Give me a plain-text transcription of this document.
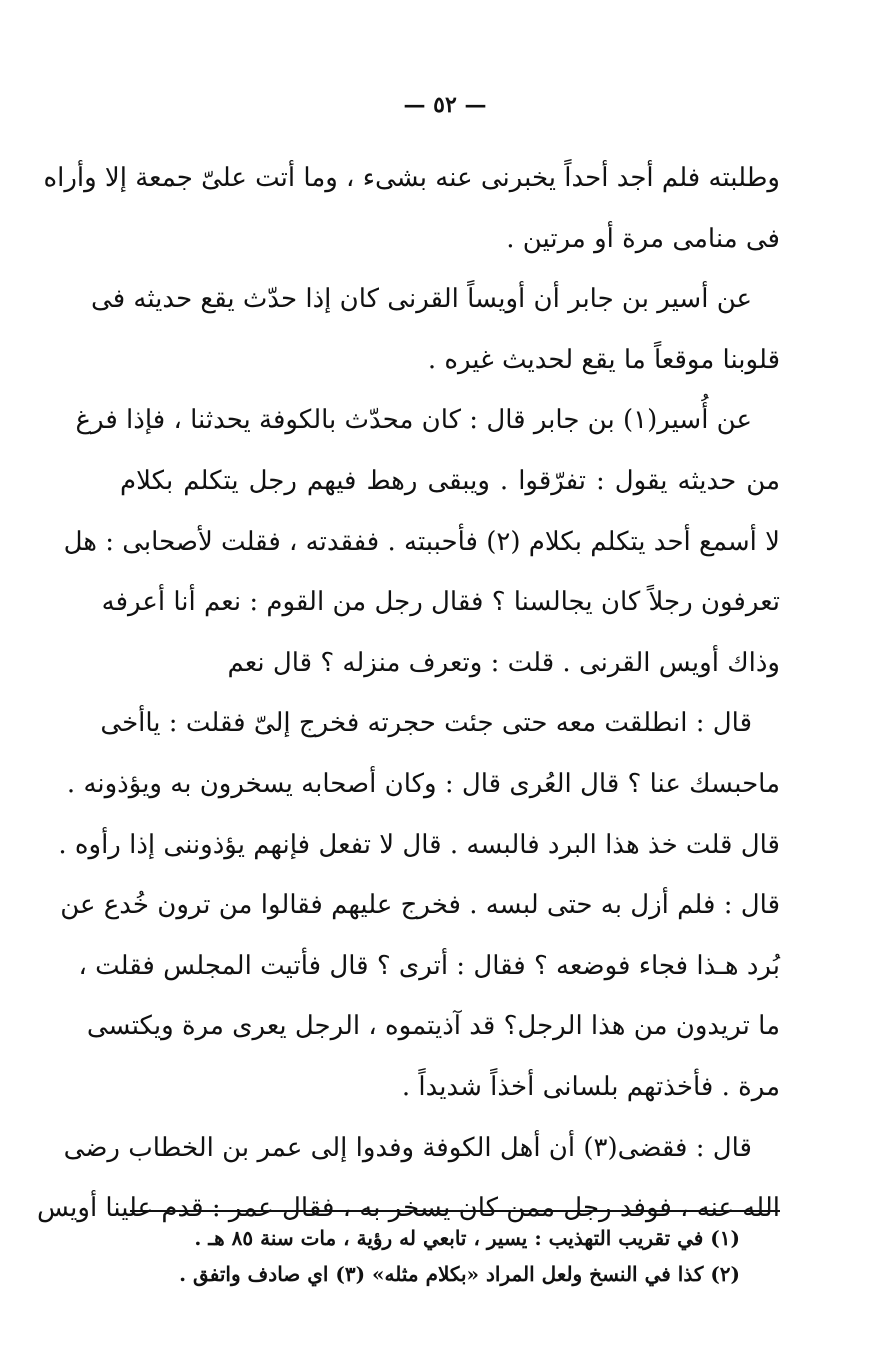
— ٥٢ —
وطلبته فلم أجد أحداً يخبرنى عنه بشىء ، وما أتت علىّ جمعة إلا وأراه
فى منامى مرة أو مرتين .
عن أسير بن جابر أن أويساً القرنى كان إذا حدّث يقع حديثه فى
قلوبنا موقعاً ما يقع لحديث غيره .
عن أُسير(١) بن جابر قال : كان محدّث بالكوفة يحدثنا ، فإذا فرغ
من حديثه يقول : تفرّقوا . ويبقى رهط فيهم رجل يتكلم بكلام
لا أسمع أحد يتكلم بكلام (٢) فأحببته . ففقدته ، فقلت لأصحابى : هل
تعرفون رجلاً كان يجالسنا ؟ فقال رجل من القوم : نعم أنا أعرفه
وذاك أويس القرنى . قلت : وتعرف منزله ؟ قال نعم
قال : انطلقت معه حتى جئت حجرته فخرج إلىّ فقلت : ياأخى
ماحبسك عنا ؟ قال العُرى قال : وكان أصحابه يسخرون به ويؤذونه .
قال قلت خذ هذا البرد فالبسه . قال لا تفعل فإنهم يؤذوننى إذا رأوه .
قال : فلم أزل به حتى لبسه . فخرج عليهم فقالوا من ترون خُدع عن
بُرد هـذا فجاء فوضعه ؟ فقال : أترى ؟ قال فأتيت المجلس فقلت ،
ما تريدون من هذا الرجل؟ قد آذيتموه ، الرجل يعرى مرة ويكتسى
مرة . فأخذتهم بلسانى أخذاً شديداً .
قال : فقضى(٣) أن أهل الكوفة وفدوا إلى عمر بن الخطاب رضى
الله عنه ، فوفد رجل ممن كان يسخر به ، فقال عمر : قدم علينا أويس
(١) في تقريب التهذيب : يسير ، تابعي له رؤية ، مات سنة ٨٥ هـ .
(٢) كذا في النسخ ولعل المراد «بكلام مثله» (٣) اي صادف واتفق .
